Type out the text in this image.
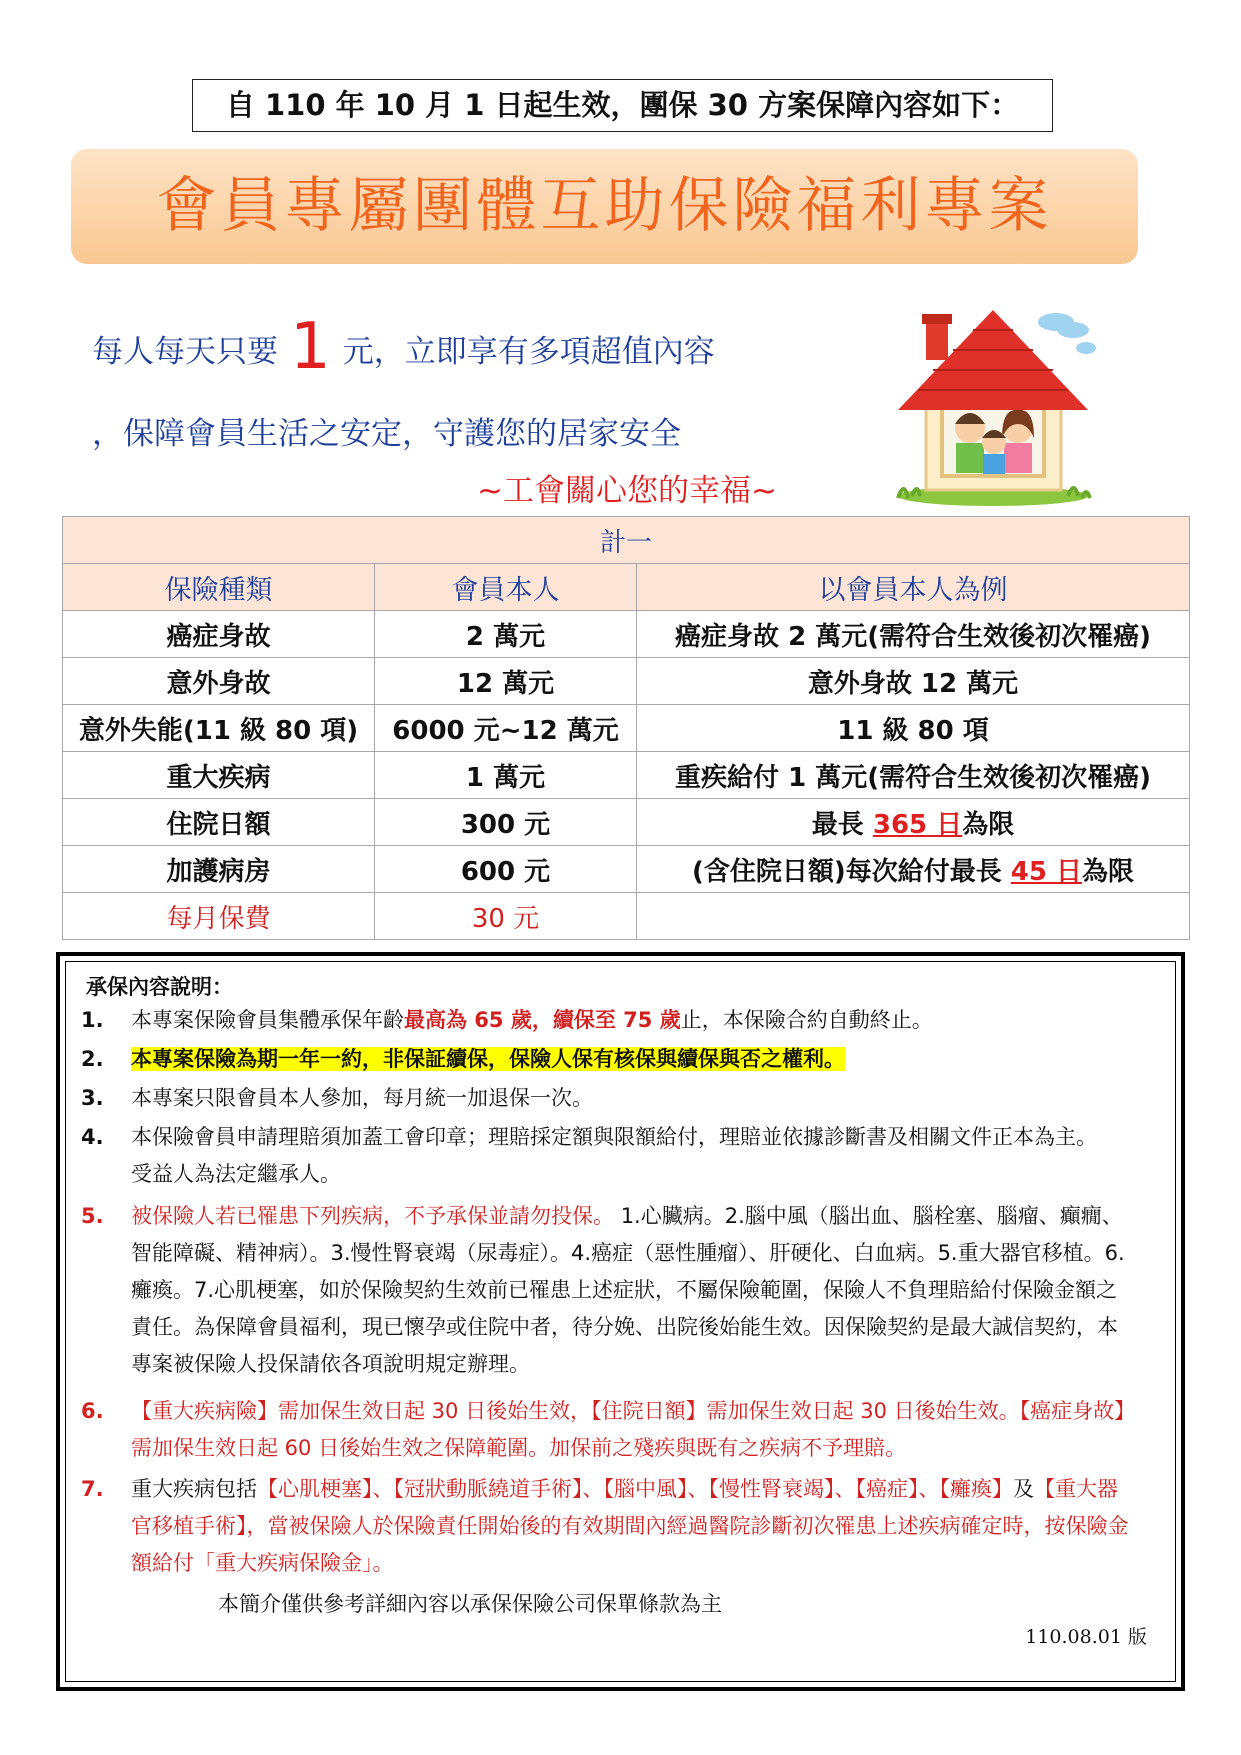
自 110 年 10 月 1 日起生效，團保 30 方案保障內容如下：
會員專屬團體互助保險福利專案
每人每天只要 1 元，立即享有多項超值內容
，保障會員生活之安定，守護您的居家安全
~工會關心您的幸福~
計一		
保險種類	會員本人	以會員本人為例
癌症身故	2 萬元	癌症身故 2 萬元(需符合生效後初次罹癌)
意外身故	12 萬元	意外身故 12 萬元
意外失能(11 級 80 項)	6000 元~12 萬元	11 級 80 項
重大疾病	1 萬元	重疾給付 1 萬元(需符合生效後初次罹癌)
住院日額	300 元	最長 365 日為限
加護病房	600 元	(含住院日額)每次給付最長 45 日為限
每月保費	30 元	
承保內容說明：
1.	本專案保險會員集體承保年齡最高為 65 歲，續保至 75 歲止，本保險合約自動終止。
2.	本專案保險為期一年一約，非保証續保，保險人保有核保與續保與否之權利。
3.	本專案只限會員本人參加，每月統一加退保一次。
4.	本保險會員申請理賠須加蓋工會印章；理賠採定額與限額給付，理賠並依據診斷書及相關文件正本為主。
受益人為法定繼承人。
5.	被保險人若已罹患下列疾病，不予承保並請勿投保。 1.心臟病。2.腦中風（腦出血、腦栓塞、腦瘤、癲癇、智能障礙、精神病）。3.慢性腎衰竭（尿毒症）。4.癌症（惡性腫瘤）、肝硬化、白血病。5.重大器官移植。6.癱瘓。7.心肌梗塞，如於保險契約生效前已罹患上述症狀，不屬保險範圍，保險人不負理賠給付保險金額之責任。為保障會員福利，現已懷孕或住院中者，待分娩、出院後始能生效。因保險契約是最大誠信契約，本專案被保險人投保請依各項說明規定辦理。
6.	【重大疾病險】需加保生效日起 30 日後始生效，【住院日額】需加保生效日起 30 日後始生效。【癌症身故】需加保生效日起 60 日後始生效之保障範圍。加保前之殘疾與既有之疾病不予理賠。
7.	重大疾病包括【心肌梗塞】、【冠狀動脈繞道手術】、【腦中風】、【慢性腎衰竭】、【癌症】、【癱瘓】及【重大器官移植手術】，當被保險人於保險責任開始後的有效期間內經過醫院診斷初次罹患上述疾病確定時，按保險金額給付「重大疾病保險金」。
本簡介僅供參考詳細內容以承保保險公司保單條款為主
110.08.01 版
